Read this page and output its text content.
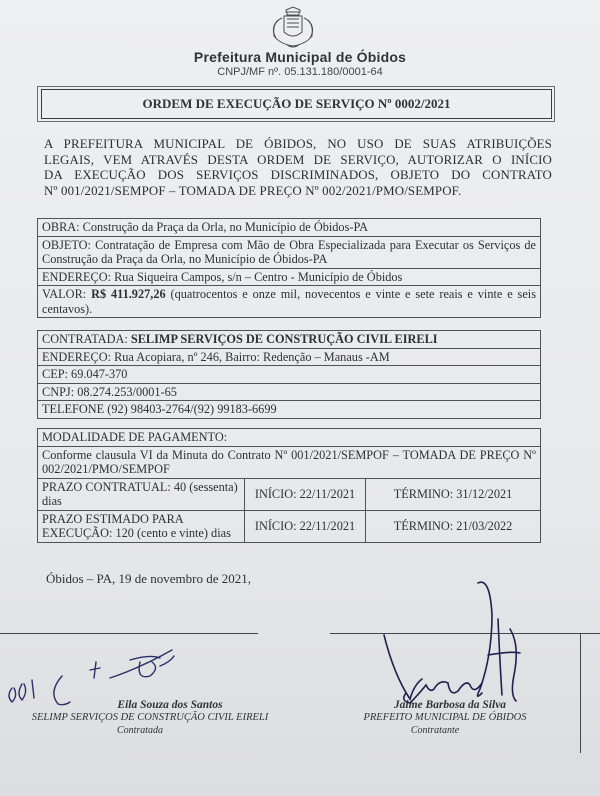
Prefeitura Municipal de Óbidos
CNPJ/MF nº. 05.131.180/0001-64
ORDEM DE EXECUÇÃO DE SERVIÇO Nº 0002/2021
A PREFEITURA MUNICIPAL DE ÓBIDOS, NO USO DE SUAS ATRIBUIÇÕES
LEGAIS, VEM ATRAVÉS DESTA ORDEM DE SERVIÇO, AUTORIZAR O INÍCIO
DA EXECUÇÃO DOS SERVIÇOS DISCRIMINADOS, OBJETO DO CONTRATO
Nº 001/2021/SEMPOF – TOMADA DE PREÇO Nº 002/2021/PMO/SEMPOF.
OBRA: Construção da Praça da Orla, no Município de Óbidos-PA
OBJETO: Contratação de Empresa com Mão de Obra Especializada para Executar os Serviços de Construção da Praça da Orla, no Município de Óbidos-PA
ENDEREÇO: Rua Siqueira Campos, s/n – Centro - Município de Óbidos
VALOR: R$ 411.927,26 (quatrocentos e onze mil, novecentos e vinte e sete reais e vinte e seis centavos).
CONTRATADA: SELIMP SERVIÇOS DE CONSTRUÇÃO CIVIL EIRELI
ENDEREÇO: Rua Acopiara, nº 246, Bairro: Redenção – Manaus -AM
CEP: 69.047-370
CNPJ: 08.274.253/0001-65
TELEFONE (92) 98403-2764/(92) 99183-6699
MODALIDADE DE PAGAMENTO:		
Conforme clausula VI da Minuta do Contrato Nº 001/2021/SEMPOF – TOMADA DE PREÇO Nº 002/2021/PMO/SEMPOF		
PRAZO CONTRATUAL: 40 (sessenta) dias	INÍCIO: 22/11/2021	TÉRMINO: 31/12/2021
PRAZO ESTIMADO PARA EXECUÇÃO: 120 (cento e vinte) dias	INÍCIO: 22/11/2021	TÉRMINO: 21/03/2022
Óbidos – PA, 19 de novembro de 2021,
Eila Souza dos Santos
SELIMP SERVIÇOS DE CONSTRUÇÃO CIVIL EIRELI
Contratada
Jaime Barbosa da Silva
PREFEITO MUNICIPAL DE ÓBIDOS
Contratante
